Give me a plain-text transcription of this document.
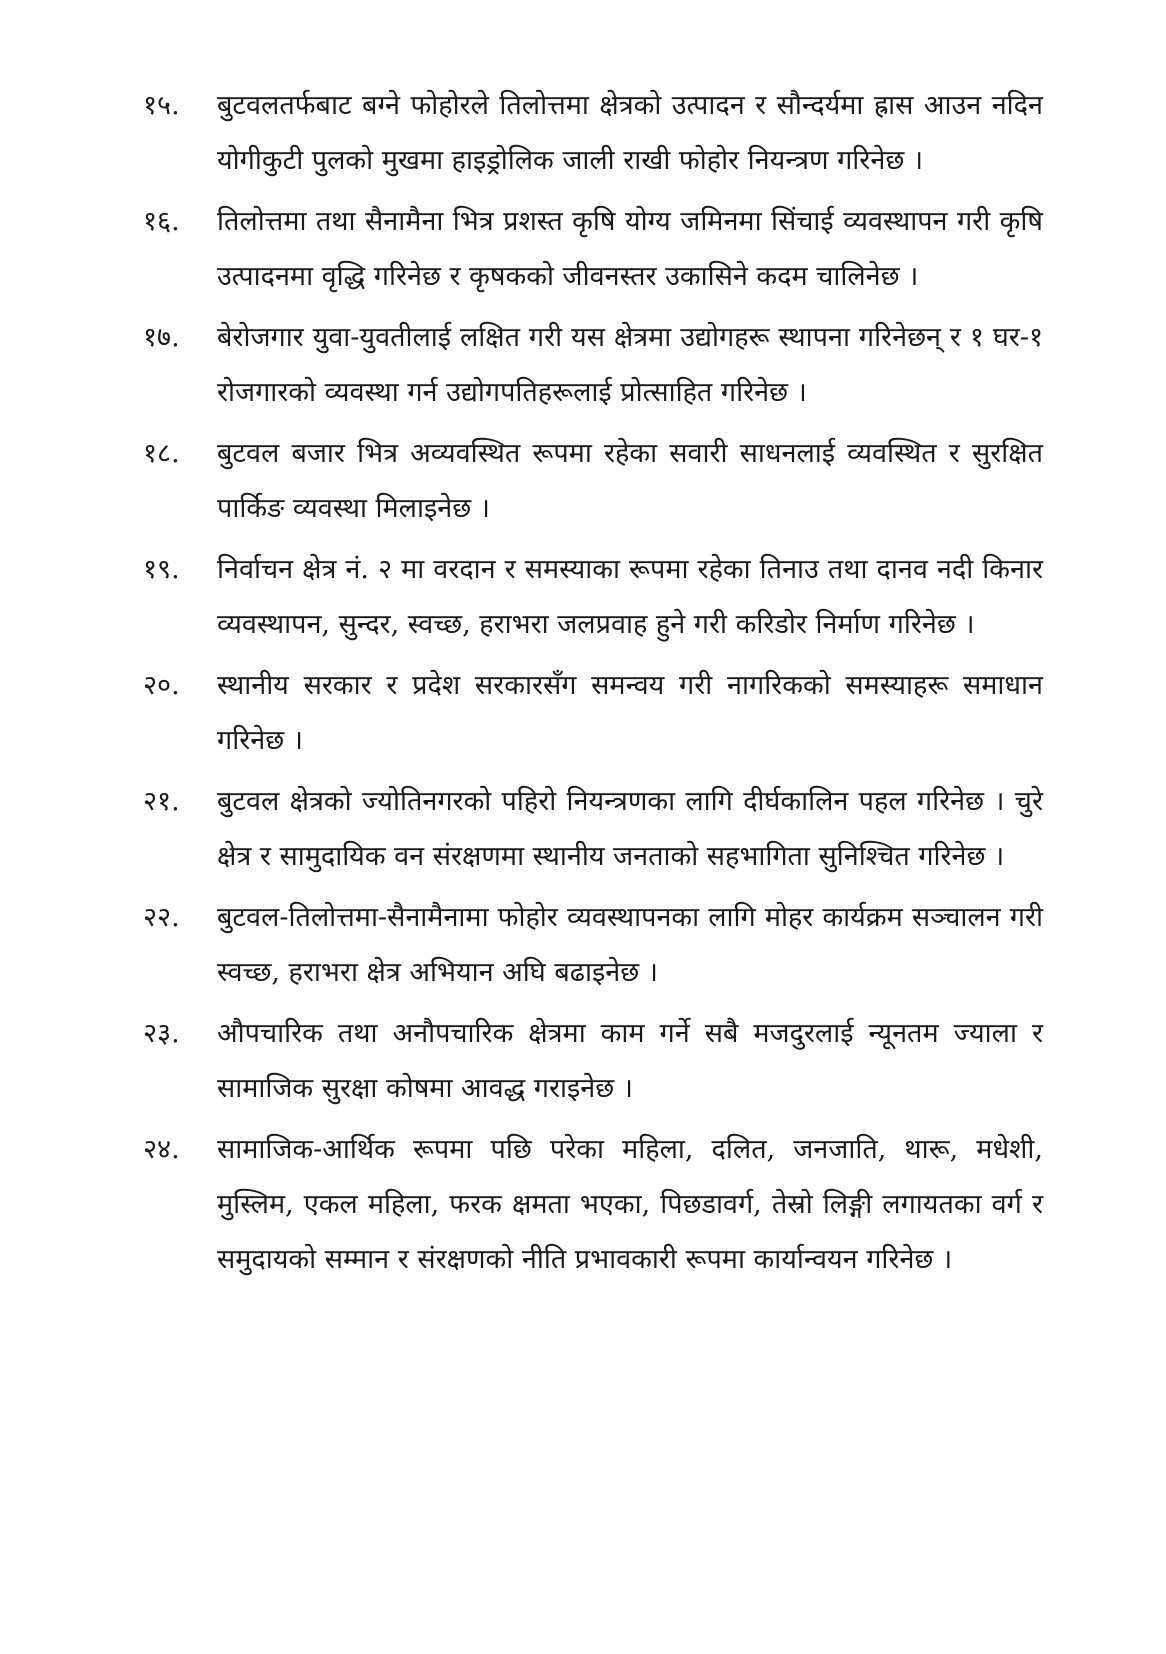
१५.	बुटवलतर्फबाट बग्ने फोहोरले तिलोत्तमा क्षेत्रको उत्पादन र सौन्दर्यमा ह्रास आउन नदिन योगीकुटी पुलको मुखमा हाइड्रोलिक जाली राखी फोहोर नियन्त्रण गरिनेछ ।
१६.	तिलोत्तमा तथा सैनामैना भित्र प्रशस्त कृषि योग्य जमिनमा सिंचाई व्यवस्थापन गरी कृषि उत्पादनमा वृद्धि गरिनेछ र कृषकको जीवनस्तर उकासिने कदम चालिनेछ ।
१७.	बेरोजगार युवा-युवतीलाई लक्षित गरी यस क्षेत्रमा उद्योगहरू स्थापना गरिनेछन् र १ घर-१ रोजगारको व्यवस्था गर्न उद्योगपतिहरूलाई प्रोत्साहित गरिनेछ ।
१८.	बुटवल बजार भित्र अव्यवस्थित रूपमा रहेका सवारी साधनलाई व्यवस्थित र सुरक्षित पार्किङ व्यवस्था मिलाइनेछ ।
१९.	निर्वाचन क्षेत्र नं. २ मा वरदान र समस्याका रूपमा रहेका तिनाउ तथा दानव नदी किनार व्यवस्थापन, सुन्दर, स्वच्छ, हराभरा जलप्रवाह हुने गरी करिडोर निर्माण गरिनेछ ।
२०.	स्थानीय सरकार र प्रदेश सरकारसँग समन्वय गरी नागरिकको समस्याहरू समाधान गरिनेछ ।
२१.	बुटवल क्षेत्रको ज्योतिनगरको पहिरो नियन्त्रणका लागि दीर्घकालिन पहल गरिनेछ । चुरे क्षेत्र र सामुदायिक वन संरक्षणमा स्थानीय जनताको सहभागिता सुनिश्चित गरिनेछ ।
२२.	बुटवल-तिलोत्तमा-सैनामैनामा फोहोर व्यवस्थापनका लागि मोहर कार्यक्रम सञ्चालन गरी स्वच्छ, हराभरा क्षेत्र अभियान अघि बढाइनेछ ।
२३.	औपचारिक तथा अनौपचारिक क्षेत्रमा काम गर्ने सबै मजदुरलाई न्यूनतम ज्याला र सामाजिक सुरक्षा कोषमा आवद्ध गराइनेछ ।
२४.	सामाजिक-आर्थिक रूपमा पछि परेका महिला, दलित, जनजाति, थारू, मधेशी, मुस्लिम, एकल महिला, फरक क्षमता भएका, पिछडावर्ग, तेस्रो लिङ्गी लगायतका वर्ग र समुदायको सम्मान र संरक्षणको नीति प्रभावकारी रूपमा कार्यान्वयन गरिनेछ ।
